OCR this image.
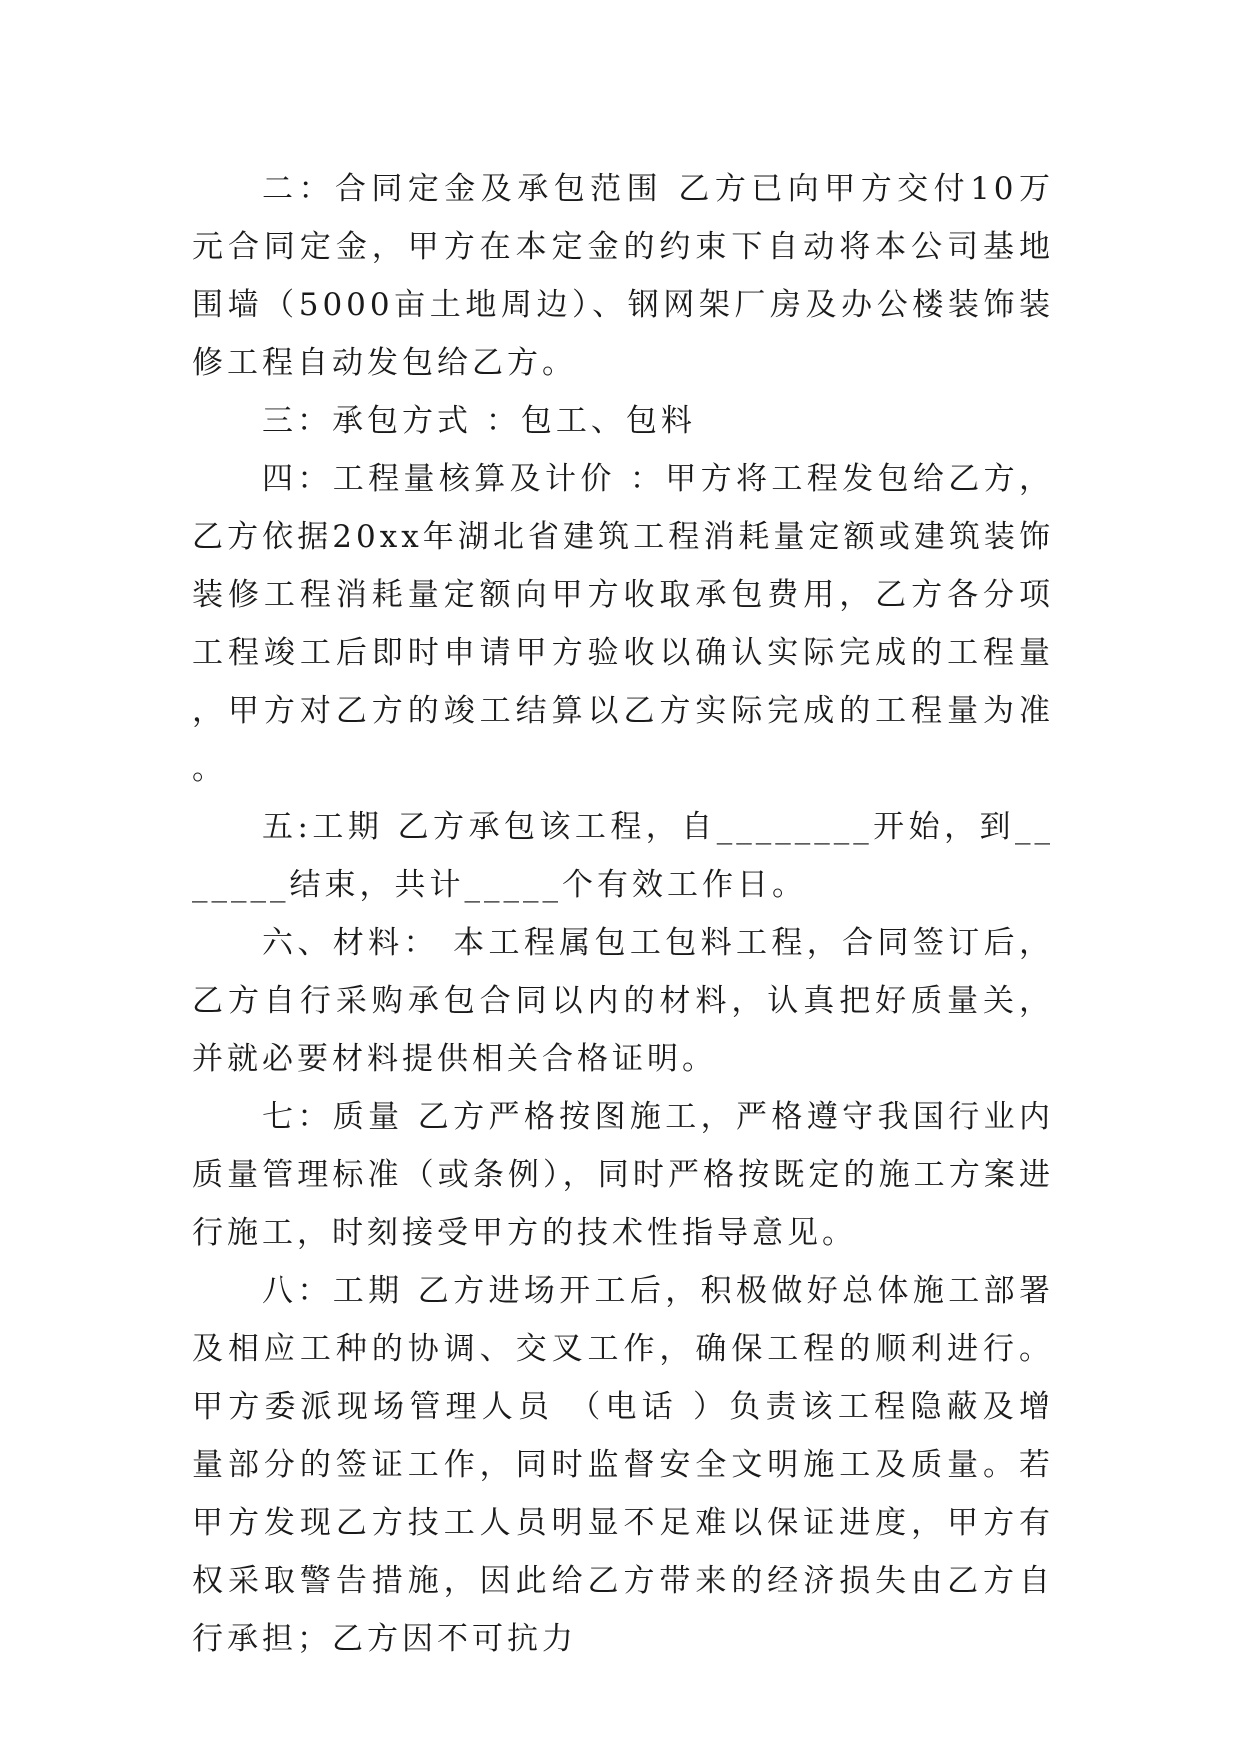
二：合同定金及承包范围 乙方已向甲方交付10万元合同定金，甲方在本定金的约束下自动将本公司基地围墙（5000亩土地周边）、钢网架厂房及办公楼装饰装修工程自动发包给乙方。

三：承包方式 ：包工、包料

四：工程量核算及计价 ：甲方将工程发包给乙方，乙方依据20xx年湖北省建筑工程消耗量定额或建筑装饰装修工程消耗量定额向甲方收取承包费用，乙方各分项工程竣工后即时申请甲方验收以确认实际完成的工程量，甲方对乙方的竣工结算以乙方实际完成的工程量为准。

五:工期 乙方承包该工程，自________开始，到_______结束，共计_____个有效工作日。

六、材料： 本工程属包工包料工程，合同签订后，乙方自行采购承包合同以内的材料，认真把好质量关，并就必要材料提供相关合格证明。

七：质量 乙方严格按图施工，严格遵守我国行业内质量管理标准（或条例），同时严格按既定的施工方案进行施工，时刻接受甲方的技术性指导意见。

八：工期 乙方进场开工后，积极做好总体施工部署及相应工种的协调、交叉工作，确保工程的顺利进行。甲方委派现场管理人员 （电话 ）负责该工程隐蔽及增量部分的签证工作，同时监督安全文明施工及质量。若甲方发现乙方技工人员明显不足难以保证进度，甲方有权采取警告措施，因此给乙方带来的经济损失由乙方自行承担；乙方因不可抗力
